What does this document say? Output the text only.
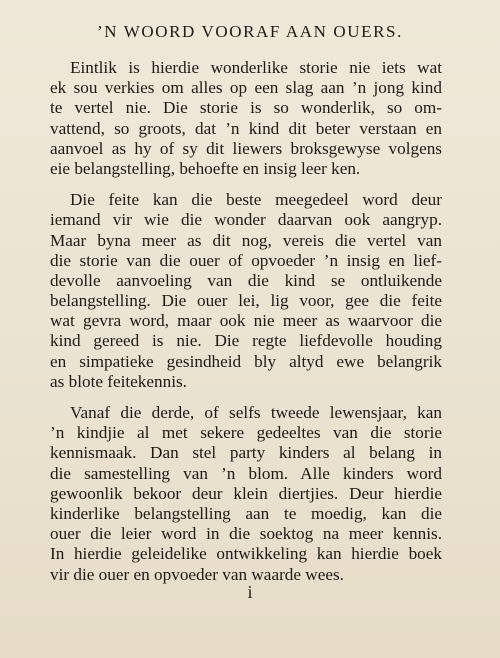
’N WOORD VOORAF AAN OUERS.

Eintlik is hierdie wonderlike storie nie iets wat
ek sou verkies om alles op een slag aan ’n jong kind
te vertel nie. Die storie is so wonderlik, so om-
vattend, so groots, dat ’n kind dit beter verstaan en
aanvoel as hy of sy dit liewers broksgewyse volgens
eie belangstelling, behoefte en insig leer ken.

Die feite kan die beste meegedeel word deur
iemand vir wie die wonder daarvan ook aangryp.
Maar byna meer as dit nog, vereis die vertel van
die storie van die ouer of opvoeder ’n insig en lief-
devolle aanvoeling van die kind se ontluikende
belangstelling. Die ouer lei, lig voor, gee die feite
wat gevra word, maar ook nie meer as waarvoor die
kind gereed is nie. Die regte liefdevolle houding
en simpatieke gesindheid bly altyd ewe belangrik
as blote feitekennis.

Vanaf die derde, of selfs tweede lewensjaar, kan
’n kindjie al met sekere gedeeltes van die storie
kennismaak. Dan stel party kinders al belang in
die samestelling van ’n blom. Alle kinders word
gewoonlik bekoor deur klein diertjies. Deur hierdie
kinderlike belangstelling aan te moedig, kan die
ouer die leier word in die soektog na meer kennis.
In hierdie geleidelike ontwikkeling kan hierdie boek
vir die ouer en opvoeder van waarde wees.

i
